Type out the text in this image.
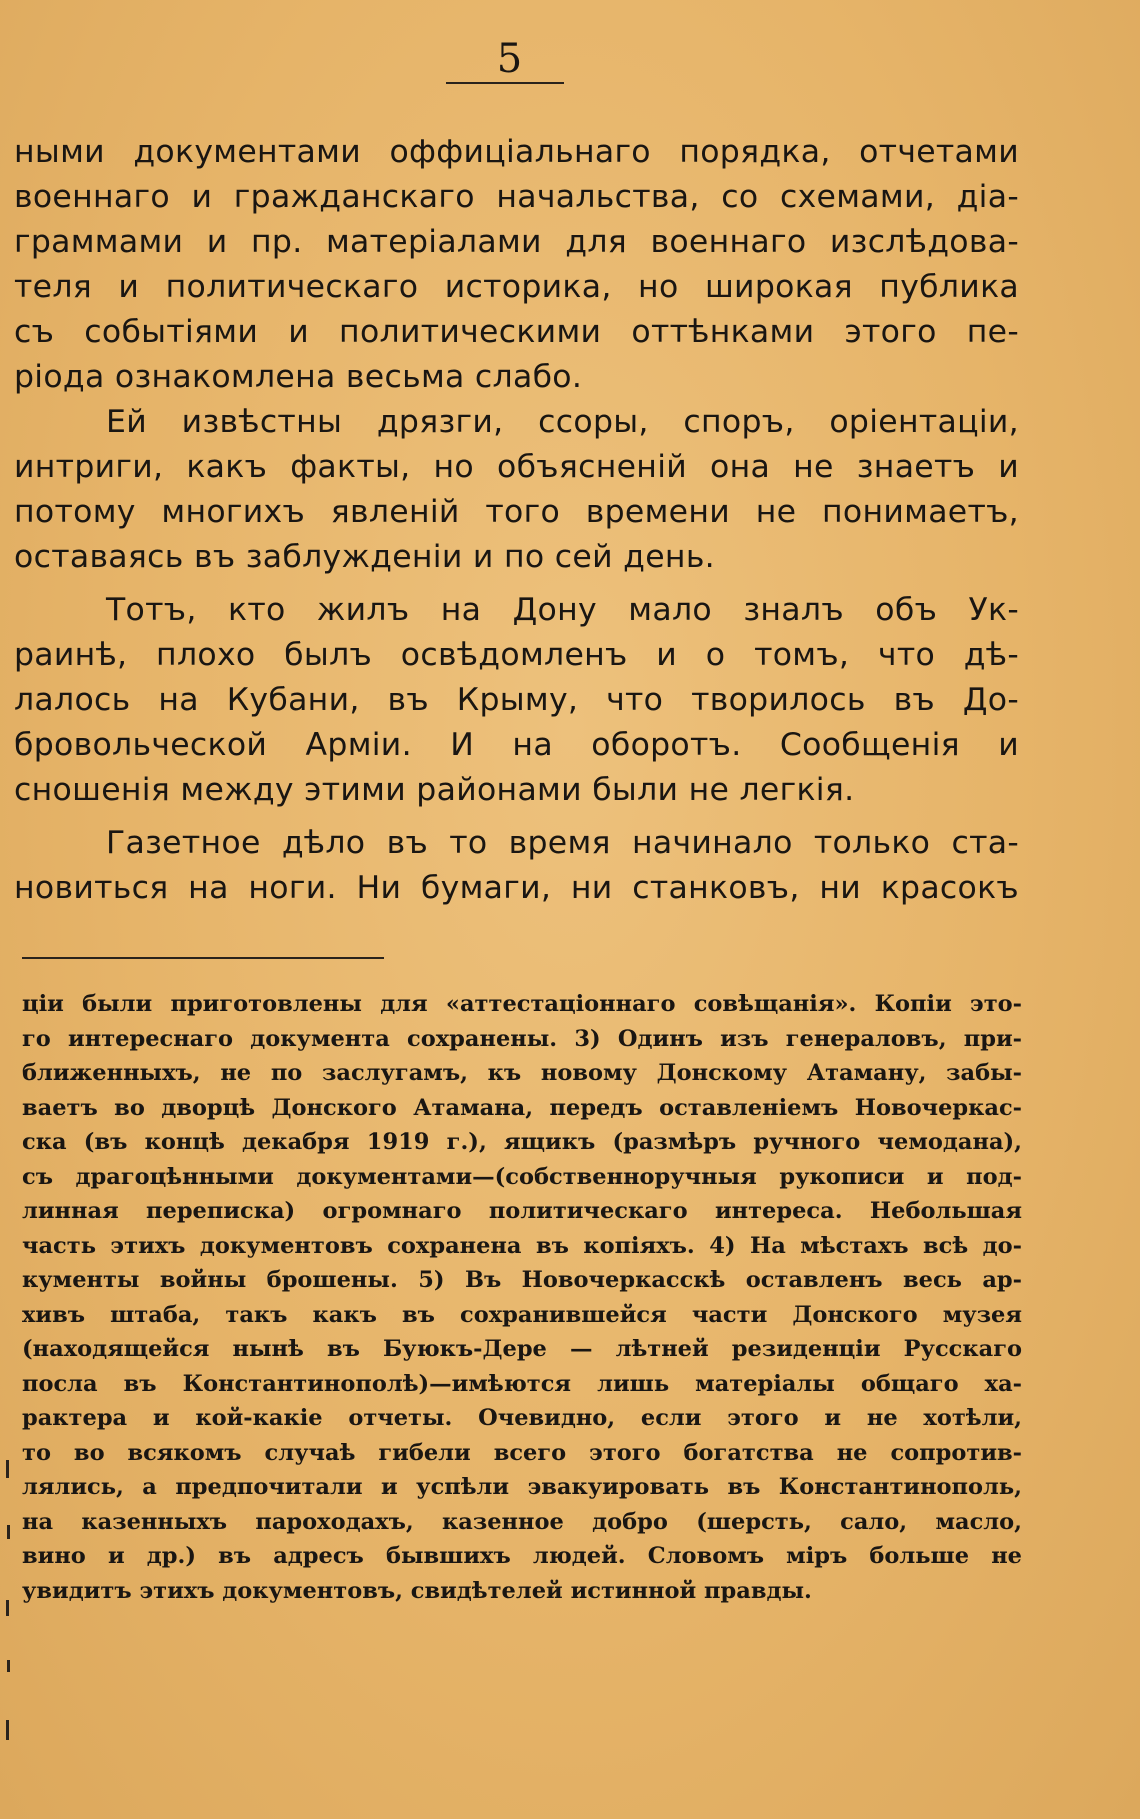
5
ными документами оффиціальнаго порядка, отчетами
военнаго и гражданскаго начальства, со схемами, діа-
граммами и пр. матеріалами для военнаго изслѣдова-
теля и политическаго историка, но широкая публика
съ событіями и политическими оттѣнками этого пе-
ріода ознакомлена весьма слабо.
Ей извѣстны дрязги, ссоры, споръ, оріентаціи,
интриги, какъ факты, но объясненій она не знаетъ и
потому многихъ явленій того времени не понимаетъ,
оставаясь въ заблужденіи и по сей день.
Тотъ, кто жилъ на Дону мало зналъ объ Ук-
раинѣ, плохо былъ освѣдомленъ и о томъ, что дѣ-
лалось на Кубани, въ Крыму, что творилось въ До-
бровольческой Арміи. И на оборотъ. Сообщенія и
сношенія между этими районами были не легкія.
Газетное дѣло въ то время начинало только ста-
новиться на ноги. Ни бумаги, ни станковъ, ни красокъ
ціи были приготовлены для «аттестаціоннаго совѣщанія». Копіи это-
го интереснаго документа сохранены. 3) Одинъ изъ генераловъ, при-
ближенныхъ, не по заслугамъ, къ новому Донскому Атаману, забы-
ваетъ во дворцѣ Донского Атамана, передъ оставленіемъ Новочеркас-
ска (въ концѣ декабря 1919 г.), ящикъ (размѣръ ручного чемодана),
съ драгоцѣнными документами—(собственноручныя рукописи и под-
линная переписка) огромнаго политическаго интереса. Небольшая
часть этихъ документовъ сохранена въ копіяхъ. 4) На мѣстахъ всѣ до-
кументы войны брошены. 5) Въ Новочеркасскѣ оставленъ весь ар-
хивъ штаба, такъ какъ въ сохранившейся части Донского музея
(находящейся нынѣ въ Буюкъ-Дере — лѣтней резиденціи Русскаго
посла въ Константинополѣ)—имѣются лишь матеріалы общаго ха-
рактера и кой-какіе отчеты. Очевидно, если этого и не хотѣли,
то во всякомъ случаѣ гибели всего этого богатства не сопротив-
лялись, а предпочитали и успѣли эвакуировать въ Константинополь,
на казенныхъ пароходахъ, казенное добро (шерсть, сало, масло,
вино и др.) въ адресъ бывшихъ людей. Словомъ міръ больше не
увидитъ этихъ документовъ, свидѣтелей истинной правды.
